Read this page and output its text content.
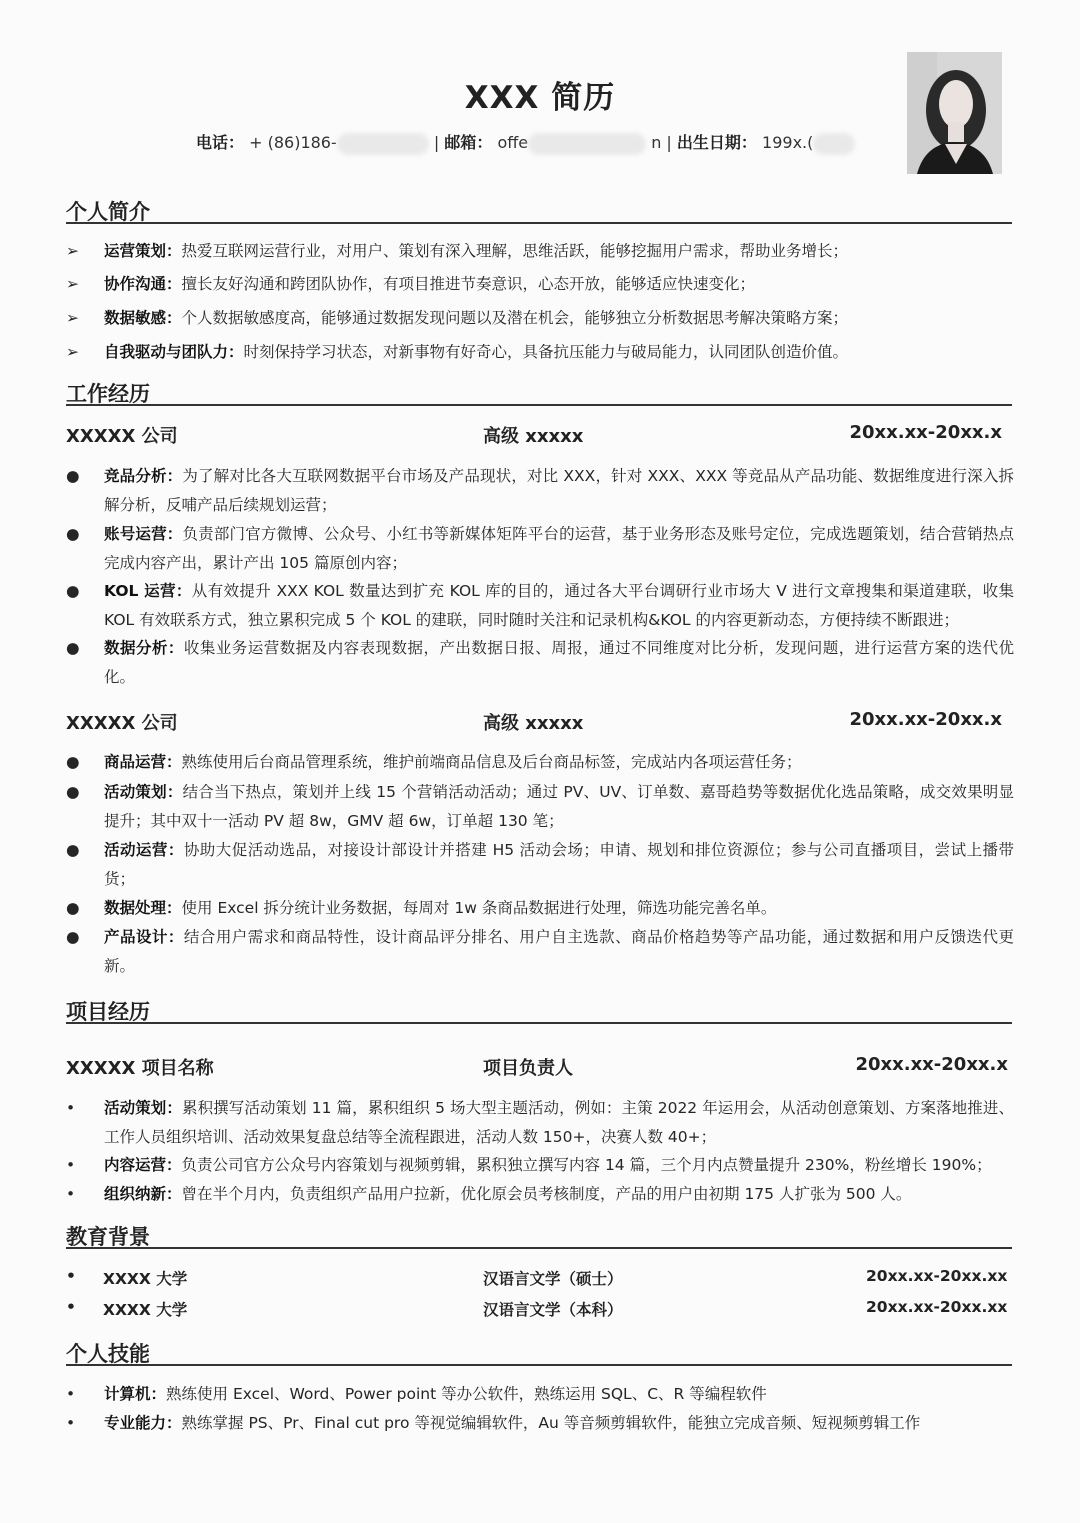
XXX 简历
电话： + (86)186-	| 邮箱： offe	n | 出生日期： 199x.(
个人简介
➢	运营策划：热爱互联网运营行业，对用户、策划有深入理解，思维活跃，能够挖掘用户需求，帮助业务增长；
➢	协作沟通：擅长友好沟通和跨团队协作，有项目推进节奏意识，心态开放，能够适应快速变化；
➢	数据敏感：个人数据敏感度高，能够通过数据发现问题以及潜在机会，能够独立分析数据思考解决策略方案；
➢	自我驱动与团队力：时刻保持学习状态，对新事物有好奇心，具备抗压能力与破局能力，认同团队创造价值。
工作经历
XXXXX 公司	高级 xxxxx	20xx.xx-20xx.x
●	竞品分析：为了解对比各大互联网数据平台市场及产品现状，对比 XXX，针对 XXX、XXX 等竞品从产品功能、数据维度进行深入拆解分析，反哺产品后续规划运营；
●	账号运营：负责部门官方微博、公众号、小红书等新媒体矩阵平台的运营，基于业务形态及账号定位，完成选题策划，结合营销热点完成内容产出，累计产出 105 篇原创内容；
●	KOL 运营：从有效提升 XXX KOL 数量达到扩充 KOL 库的目的，通过各大平台调研行业市场大 V 进行文章搜集和渠道建联，收集 KOL 有效联系方式，独立累积完成 5 个 KOL 的建联，同时随时关注和记录机构&KOL 的内容更新动态，方便持续不断跟进；
●	数据分析：收集业务运营数据及内容表现数据，产出数据日报、周报，通过不同维度对比分析，发现问题，进行运营方案的迭代优化。
XXXXX 公司	高级 xxxxx	20xx.xx-20xx.x
●	商品运营：熟练使用后台商品管理系统，维护前端商品信息及后台商品标签，完成站内各项运营任务；
●	活动策划：结合当下热点，策划并上线 15 个营销活动活动；通过 PV、UV、订单数、嘉哥趋势等数据优化选品策略，成交效果明显提升；其中双十一活动 PV 超 8w，GMV 超 6w，订单超 130 笔；
●	活动运营：协助大促活动选品，对接设计部设计并搭建 H5 活动会场；申请、规划和排位资源位；参与公司直播项目，尝试上播带货；
●	数据处理：使用 Excel 拆分统计业务数据，每周对 1w 条商品数据进行处理，筛选功能完善名单。
●	产品设计：结合用户需求和商品特性，设计商品评分排名、用户自主选款、商品价格趋势等产品功能，通过数据和用户反馈迭代更新。
项目经历
XXXXX 项目名称	项目负责人	20xx.xx-20xx.x
•	活动策划：累积撰写活动策划 11 篇，累积组织 5 场大型主题活动，例如：主策 2022 年运用会，从活动创意策划、方案落地推进、工作人员组织培训、活动效果复盘总结等全流程跟进，活动人数 150+，决赛人数 40+；
•	内容运营：负责公司官方公众号内容策划与视频剪辑，累积独立撰写内容 14 篇，三个月内点赞量提升 230%，粉丝增长 190%；
•	组织纳新：曾在半个月内，负责组织产品用户拉新，优化原会员考核制度，产品的用户由初期 175 人扩张为 500 人。
教育背景
• XXXX 大学	汉语言文学（硕士）	20xx.xx-20xx.xx
• XXXX 大学	汉语言文学（本科）	20xx.xx-20xx.xx
个人技能
•	计算机：熟练使用 Excel、Word、Power point 等办公软件，熟练运用 SQL、C、R 等编程软件
•	专业能力：熟练掌握 PS、Pr、Final cut pro 等视觉编辑软件，Au 等音频剪辑软件，能独立完成音频、短视频剪辑工作
